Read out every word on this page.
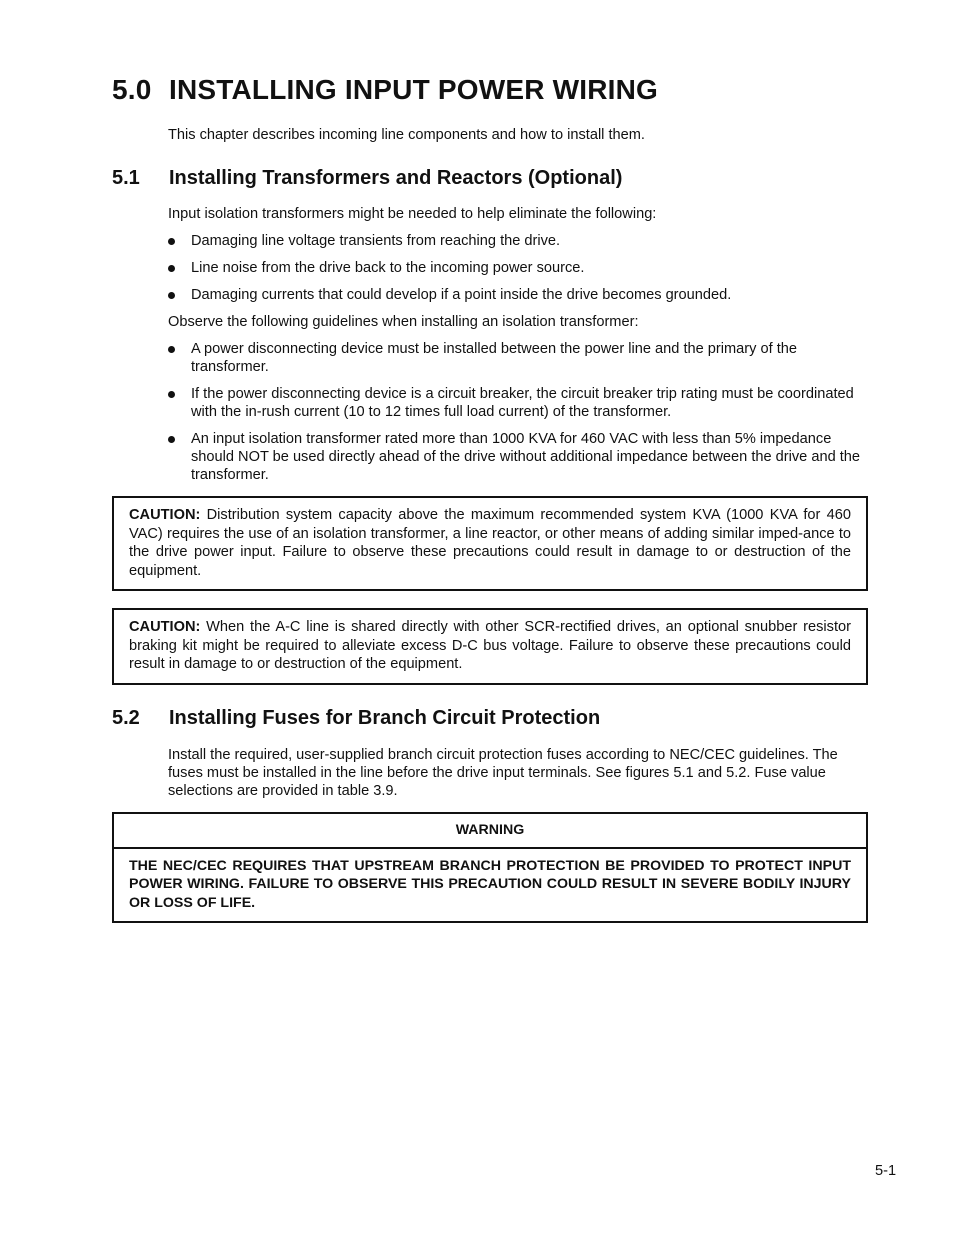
5.0 INSTALLING INPUT POWER WIRING

This chapter describes incoming line components and how to install them.

5.1 Installing Transformers and Reactors (Optional)

Input isolation transformers might be needed to help eliminate the following:

Damaging line voltage transients from reaching the drive.
Line noise from the drive back to the incoming power source.
Damaging currents that could develop if a point inside the drive becomes grounded.

Observe the following guidelines when installing an isolation transformer:

A power disconnecting device must be installed between the power line and the primary of the transformer.
If the power disconnecting device is a circuit breaker, the circuit breaker trip rating must be coordinated with the in-rush current (10 to 12 times full load current) of the transformer.
An input isolation transformer rated more than 1000 KVA for 460 VAC with less than 5% impedance should NOT be used directly ahead of the drive without additional impedance between the drive and the transformer.
CAUTION: Distribution system capacity above the maximum recommended system KVA (1000 KVA for 460 VAC) requires the use of an isolation transformer, a line reactor, or other means of adding similar imped-ance to the drive power input. Failure to observe these precautions could result in damage to or destruction of the equipment.
CAUTION: When the A-C line is shared directly with other SCR-rectified drives, an optional snubber resistor braking kit might be required to alleviate excess D-C bus voltage. Failure to observe these precautions could result in damage to or destruction of the equipment.
5.2 Installing Fuses for Branch Circuit Protection

Install the required, user-supplied branch circuit protection fuses according to NEC/CEC guidelines. The fuses must be installed in the line before the drive input terminals. See figures 5.1 and 5.2. Fuse value selections are provided in table 3.9.

WARNING
THE NEC/CEC REQUIRES THAT UPSTREAM BRANCH PROTECTION BE PROVIDED TO PROTECT INPUT POWER WIRING. FAILURE TO OBSERVE THIS PRECAUTION COULD RESULT IN SEVERE BODILY INJURY OR LOSS OF LIFE.
5-1
